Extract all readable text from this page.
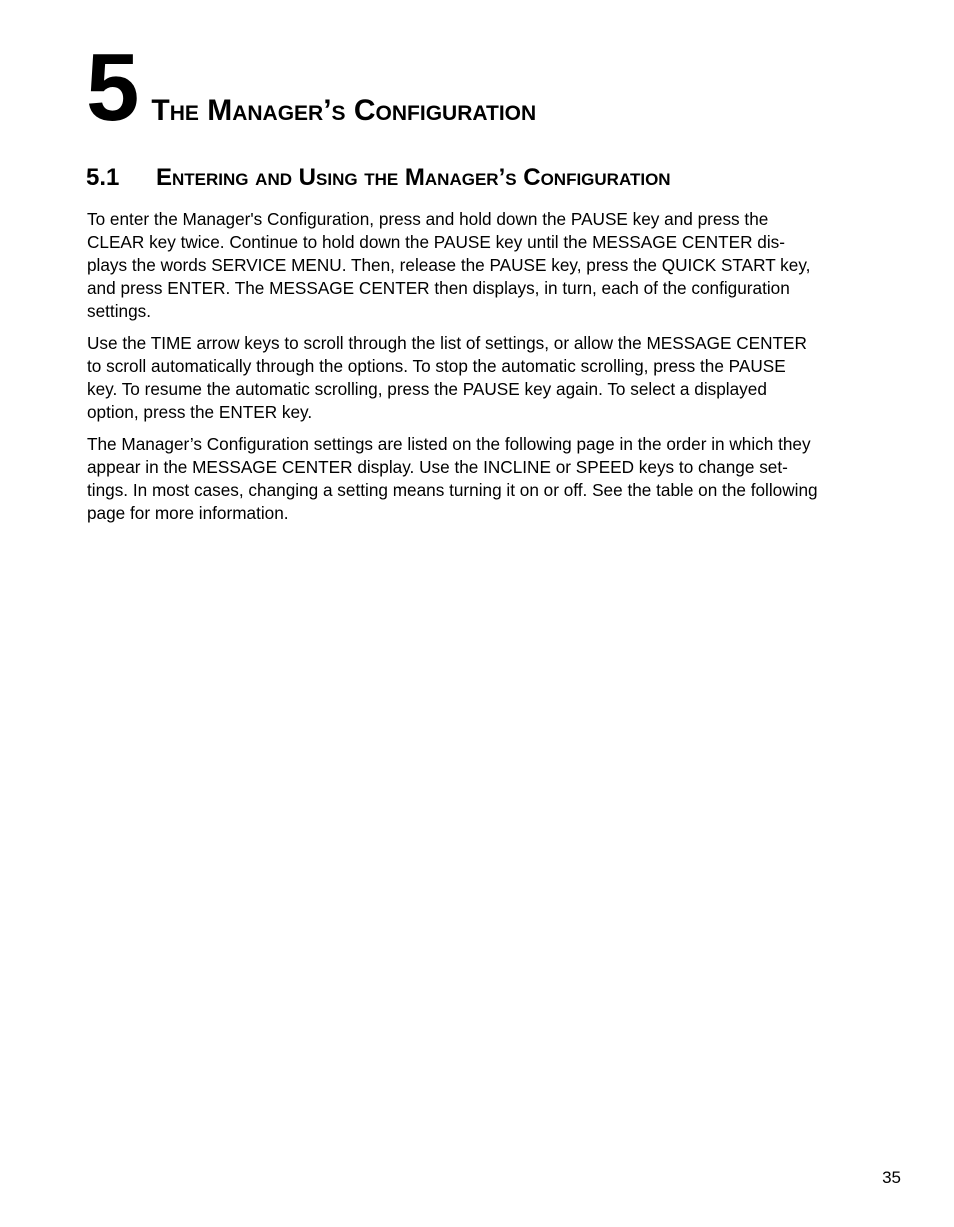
5 The Manager’s Configuration
5.1	Entering and Using the Manager’s Configuration

To enter the Manager's Configuration, press and hold down the PAUSE key and press the
CLEAR key twice. Continue to hold down the PAUSE key until the MESSAGE CENTER dis-
plays the words SERVICE MENU. Then, release the PAUSE key, press the QUICK START key,
and press ENTER. The MESSAGE CENTER then displays, in turn, each of the configuration
settings.

Use the TIME arrow keys to scroll through the list of settings, or allow the MESSAGE CENTER
to scroll automatically through the options. To stop the automatic scrolling, press the PAUSE
key. To resume the automatic scrolling, press the PAUSE key again. To select a displayed
option, press the ENTER key.

The Manager’s Configuration settings are listed on the following page in the order in which they
appear in the MESSAGE CENTER display. Use the INCLINE or SPEED keys to change set-
tings. In most cases, changing a setting means turning it on or off. See the table on the following
page for more information.

35
